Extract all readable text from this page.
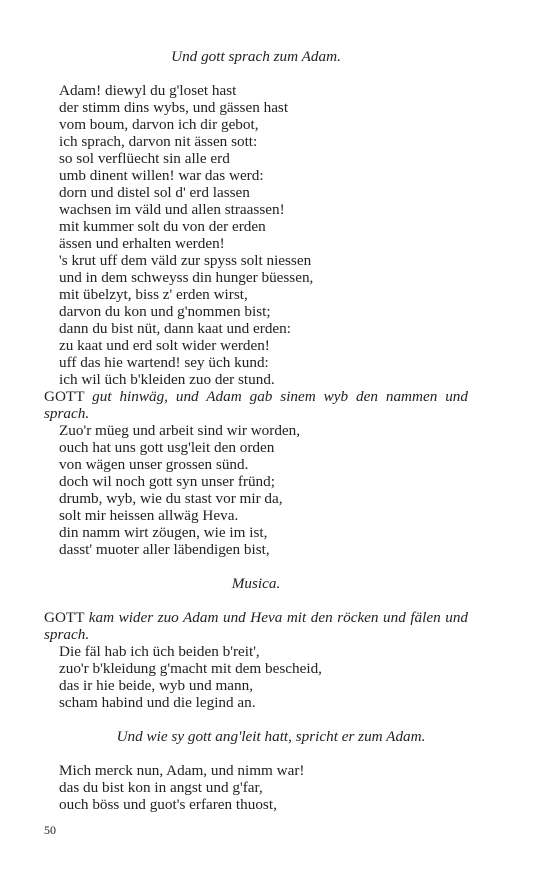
Und gott sprach zum Adam.

Adam! diewyl du g'loset hast
der stimm dins wybs, und gässen hast
vom boum, darvon ich dir gebot,
ich sprach, darvon nit ässen sott:
so sol verflüecht sin alle erd
umb dinent willen! war das werd:
dorn und distel sol d' erd lassen
wachsen im väld und allen straassen!
mit kummer solt du von der erden
ässen und erhalten werden!
's krut uff dem väld zur spyss solt niessen
und in dem schweyss din hunger büessen,
mit übelzyt, biss z' erden wirst,
darvon du kon und g'nommen bist;
dann du bist nüt, dann kaat und erden:
zu kaat und erd solt wider werden!
uff das hie wartend! sey üch kund:
ich wil üch b'kleiden zuo der stund.

GOTT gut hinwäg, und Adam gab sinem wyb den nammen und sprach.

Zuo'r müeg und arbeit sind wir worden,
ouch hat uns gott usg'leit den orden
von wägen unser grossen sünd.
doch wil noch gott syn unser fründ;
drumb, wyb, wie du stast vor mir da,
solt mir heissen allwäg Heva.
din namm wirt zöugen, wie im ist,
dasst' muoter aller läbendigen bist,

Musica.

GOTT kam wider zuo Adam und Heva mit den röcken und fälen und sprach.

Die fäl hab ich üch beiden b'reit',
zuo'r b'kleidung g'macht mit dem bescheid,
das ir hie beide, wyb und mann,
scham habind und die legind an.

Und wie sy gott ang'leit hatt, spricht er zum Adam.

Mich merck nun, Adam, und nimm war!
das du bist kon in angst und g'far,
ouch böss und guot's erfaren thuost,
50
